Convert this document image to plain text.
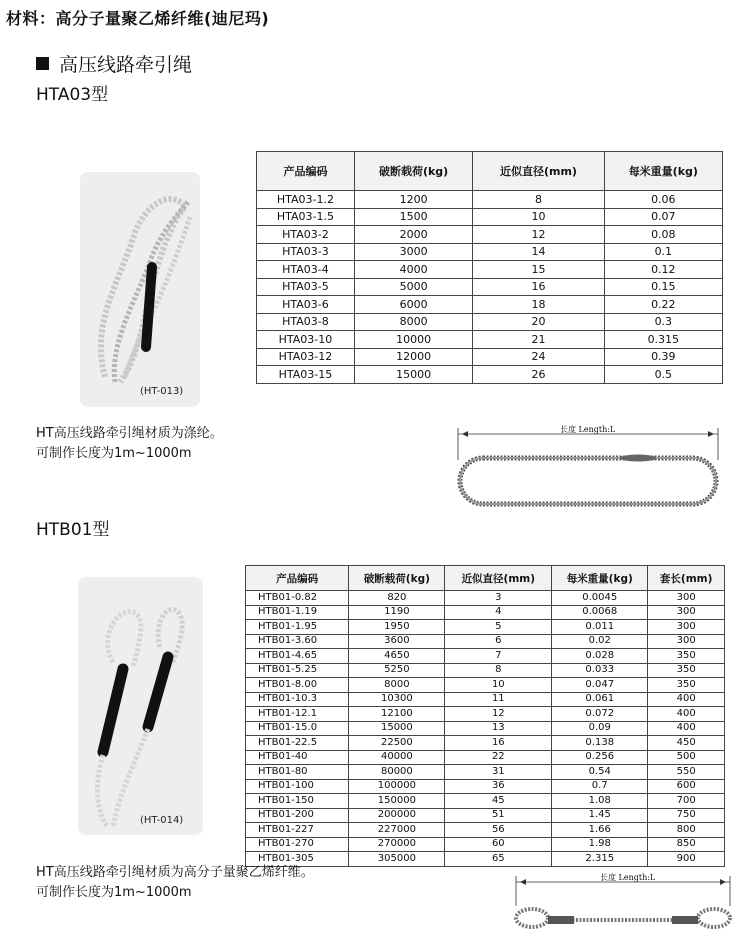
材料：高分子量聚乙烯纤维(迪尼玛)
高压线路牵引绳
HTA03型
(HT-013)
产品编码	破断载荷(kg)	近似直径(mm)	每米重量(kg)
HTA03-1.2	1200	8	0.06
HTA03-1.5	1500	10	0.07
HTA03-2	2000	12	0.08
HTA03-3	3000	14	0.1
HTA03-4	4000	15	0.12
HTA03-5	5000	16	0.15
HTA03-6	6000	18	0.22
HTA03-8	8000	20	0.3
HTA03-10	10000	21	0.315
HTA03-12	12000	24	0.39
HTA03-15	15000	26	0.5
HT高压线路牵引绳材质为涤纶。
可制作长度为1m~1000m
长度 Length:L
HTB01型
(HT-014)
产品编码	破断载荷(kg)	近似直径(mm)	每米重量(kg)	套长(mm)
HTB01-0.82	820	3	0.0045	300
HTB01-1.19	1190	4	0.0068	300
HTB01-1.95	1950	5	0.011	300
HTB01-3.60	3600	6	0.02	300
HTB01-4.65	4650	7	0.028	350
HTB01-5.25	5250	8	0.033	350
HTB01-8.00	8000	10	0.047	350
HTB01-10.3	10300	11	0.061	400
HTB01-12.1	12100	12	0.072	400
HTB01-15.0	15000	13	0.09	400
HTB01-22.5	22500	16	0.138	450
HTB01-40	40000	22	0.256	500
HTB01-80	80000	31	0.54	550
HTB01-100	100000	36	0.7	600
HTB01-150	150000	45	1.08	700
HTB01-200	200000	51	1.45	750
HTB01-227	227000	56	1.66	800
HTB01-270	270000	60	1.98	850
HTB01-305	305000	65	2.315	900
HT高压线路牵引绳材质为高分子量聚乙烯纤维。
可制作长度为1m~1000m
长度 Length:L
